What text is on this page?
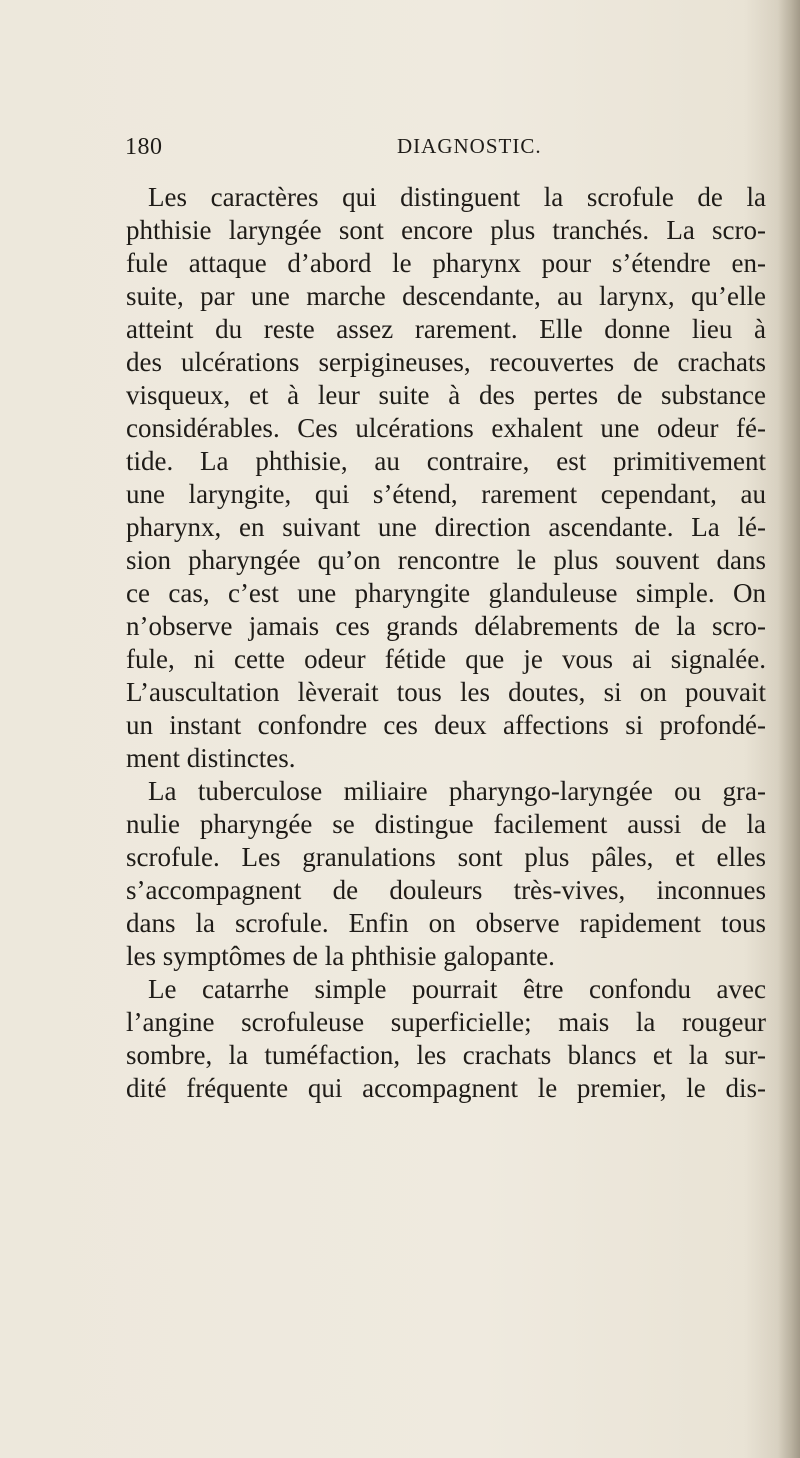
180	DIAGNOSTIC.
Les caractères qui distinguent la scrofule de la
phthisie laryngée sont encore plus tranchés. La scro-
fule attaque d’abord le pharynx pour s’étendre en-
suite, par une marche descendante, au larynx, qu’elle
atteint du reste assez rarement. Elle donne lieu à
des ulcérations serpigineuses, recouvertes de crachats
visqueux, et à leur suite à des pertes de substance
considérables. Ces ulcérations exhalent une odeur fé-
tide. La phthisie, au contraire, est primitivement
une laryngite, qui s’étend, rarement cependant, au
pharynx, en suivant une direction ascendante. La lé-
sion pharyngée qu’on rencontre le plus souvent dans
ce cas, c’est une pharyngite glanduleuse simple. On
n’observe jamais ces grands délabrements de la scro-
fule, ni cette odeur fétide que je vous ai signalée.
L’auscultation lèverait tous les doutes, si on pouvait
un instant confondre ces deux affections si profondé-
ment distinctes.
La tuberculose miliaire pharyngo-laryngée ou gra-
nulie pharyngée se distingue facilement aussi de la
scrofule. Les granulations sont plus pâles, et elles
s’accompagnent de douleurs très-vives, inconnues
dans la scrofule. Enfin on observe rapidement tous
les symptômes de la phthisie galopante.
Le catarrhe simple pourrait être confondu avec
l’angine scrofuleuse superficielle; mais la rougeur
sombre, la tuméfaction, les crachats blancs et la sur-
dité fréquente qui accompagnent le premier, le dis-
